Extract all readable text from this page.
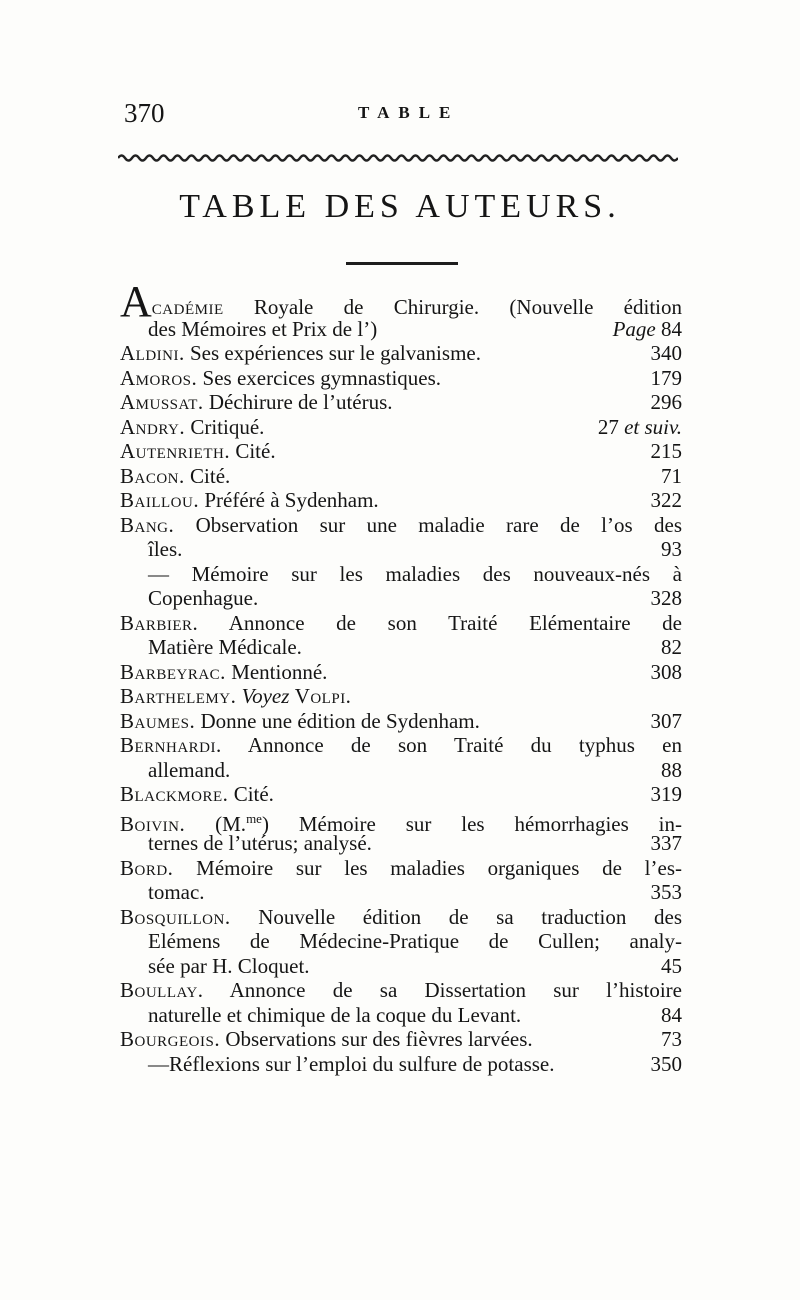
370	TABLE
TABLE DES AUTEURS.
Académie Royale de Chirurgie. (Nouvelle édition
des Mémoires et Prix de l’)	Page 84
Aldini. Ses expériences sur le galvanisme.	340
Amoros. Ses exercices gymnastiques.	179
Amussat. Déchirure de l’utérus.	296
Andry. Critiqué.	27 et suiv.
Autenrieth. Cité.	215
Bacon. Cité.	71
Baillou. Préféré à Sydenham.	322
Bang. Observation sur une maladie rare de l’os des
îles.	93
— Mémoire sur les maladies des nouveaux-nés à
Copenhague.	328
Barbier. Annonce de son Traité Elémentaire de
Matière Médicale.	82
Barbeyrac. Mentionné.	308
Barthelemy. Voyez Volpi.
Baumes. Donne une édition de Sydenham.	307
Bernhardi. Annonce de son Traité du typhus en
allemand.	88
Blackmore. Cité.	319
Boivin. (M.$^{me}$) Mémoire sur les hémorrhagies in-
ternes de l’utérus; analysé.	337
Bord. Mémoire sur les maladies organiques de l’es-
tomac.	353
Bosquillon. Nouvelle édition de sa traduction des
Elémens de Médecine-Pratique de Cullen; analy-
sée par H. Cloquet.	45
Boullay. Annonce de sa Dissertation sur l’histoire
naturelle et chimique de la coque du Levant.	84
Bourgeois. Observations sur des fièvres larvées.	73
—Réflexions sur l’emploi du sulfure de potasse.	350
